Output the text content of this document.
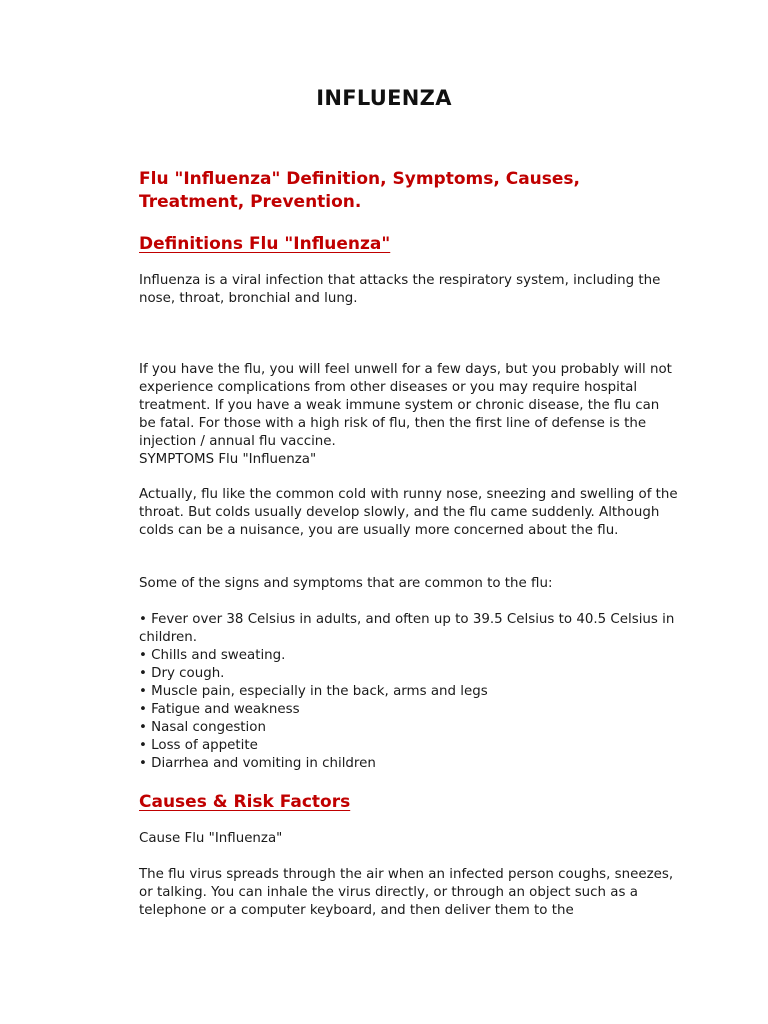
INFLUENZA
Flu "Influenza" Definition, Symptoms, Causes, Treatment, Prevention.
Definitions Flu "Influenza"
Influenza is a viral infection that attacks the respiratory system, including the nose, throat, bronchial and lung.
If you have the flu, you will feel unwell for a few days, but you probably will not experience complications from other diseases or you may require hospital treatment. If you have a weak immune system or chronic disease, the flu can be fatal. For those with a high risk of flu, then the first line of defense is the injection / annual flu vaccine.
SYMPTOMS Flu "Influenza"
Actually, flu like the common cold with runny nose, sneezing and swelling of the throat. But colds usually develop slowly, and the flu came suddenly. Although colds can be a nuisance, you are usually more concerned about the flu.
Some of the signs and symptoms that are common to the flu:
• Fever over 38 Celsius in adults, and often up to 39.5 Celsius to 40.5 Celsius in children.
• Chills and sweating.
• Dry cough.
• Muscle pain, especially in the back, arms and legs
• Fatigue and weakness
• Nasal congestion
• Loss of appetite
• Diarrhea and vomiting in children
Causes & Risk Factors
Cause Flu "Influenza"
The flu virus spreads through the air when an infected person coughs, sneezes, or talking. You can inhale the virus directly, or through an object such as a telephone or a computer keyboard, and then deliver them to the
